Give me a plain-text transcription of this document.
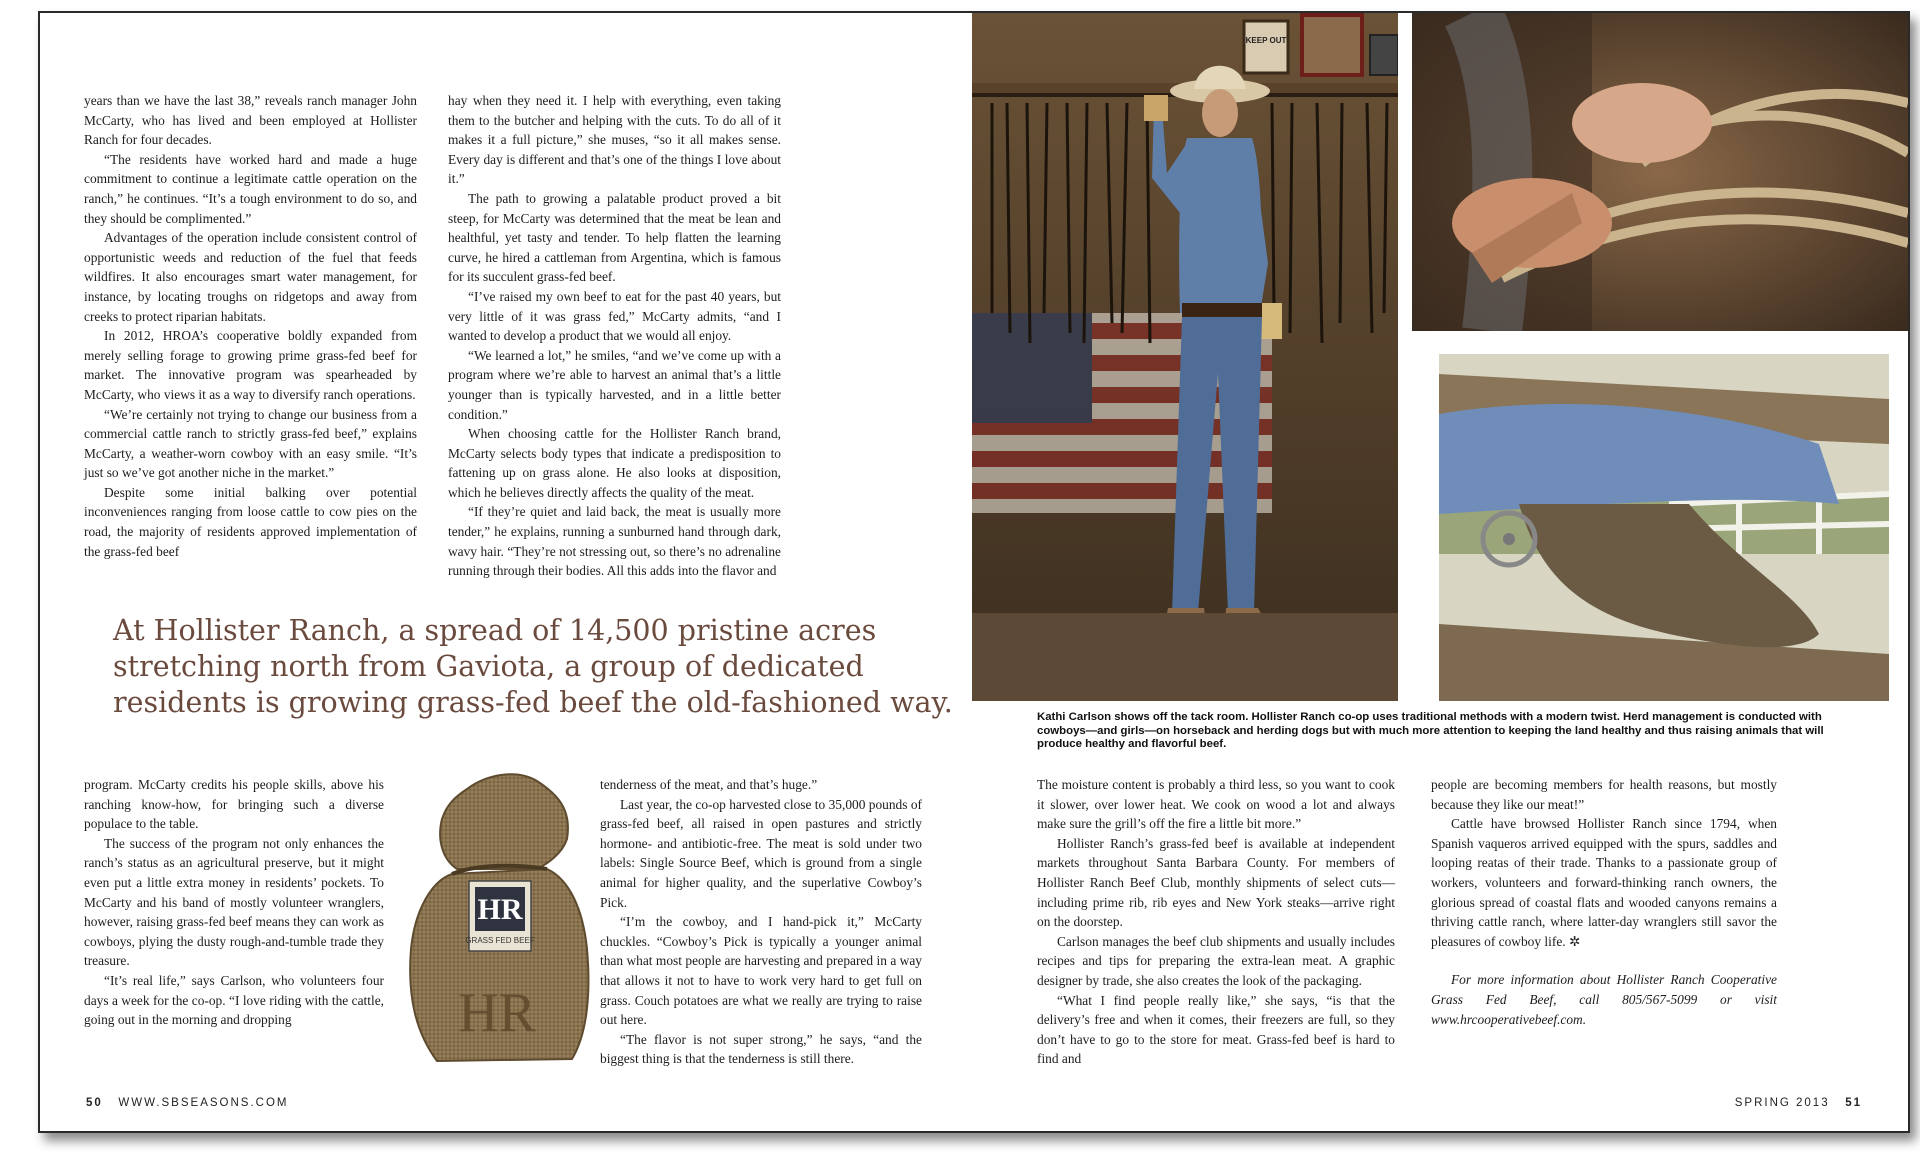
years than we have the last 38,” reveals ranch manager John McCarty, who has lived and been employed at Hollister Ranch for four decades.

“The residents have worked hard and made a huge commitment to continue a legitimate cattle operation on the ranch,” he continues. “It’s a tough environment to do so, and they should be complimented.”

Advantages of the operation include consistent control of opportunistic weeds and reduction of the fuel that feeds wildfires. It also encourages smart water management, for instance, by locating troughs on ridgetops and away from creeks to protect riparian habitats.

In 2012, HROA’s cooperative boldly expanded from merely selling forage to growing prime grass-fed beef for market. The innovative program was spearheaded by McCarty, who views it as a way to diversify ranch operations.

“We’re certainly not trying to change our business from a commercial cattle ranch to strictly grass-fed beef,” explains McCarty, a weather-worn cowboy with an easy smile. “It’s just so we’ve got another niche in the market.”

Despite some initial balking over potential inconveniences ranging from loose cattle to cow pies on the road, the majority of residents approved implementation of the grass-fed beef

hay when they need it. I help with everything, even taking them to the butcher and helping with the cuts. To do all of it makes it a full picture,” she muses, “so it all makes sense. Every day is different and that’s one of the things I love about it.”

The path to growing a palatable product proved a bit steep, for McCarty was determined that the meat be lean and healthful, yet tasty and tender. To help flatten the learning curve, he hired a cattleman from Argentina, which is famous for its succulent grass-fed beef.

“I’ve raised my own beef to eat for the past 40 years, but very little of it was grass fed,” McCarty admits, “and I wanted to develop a product that we would all enjoy.

“We learned a lot,” he smiles, “and we’ve come up with a program where we’re able to harvest an animal that’s a little younger than is typically harvested, and in a little better condition.”

When choosing cattle for the Hollister Ranch brand, McCarty selects body types that indicate a predisposition to fattening up on grass alone. He also looks at disposition, which he believes directly affects the quality of the meat.

“If they’re quiet and laid back, the meat is usually more tender,” he explains, running a sunburned hand through dark, wavy hair. “They’re not stressing out, so there’s no adrenaline running through their bodies. All this adds into the flavor and

At Hollister Ranch, a spread of 14,500 pristine acres stretching north from Gaviota, a group of dedicated residents is growing grass-fed beef the old-fashioned way.

program. McCarty credits his people skills, above his ranching know-how, for bringing such a diverse populace to the table.

The success of the program not only enhances the ranch’s status as an agricultural preserve, but it might even put a little extra money in residents’ pockets. To McCarty and his band of mostly volunteer wranglers, however, raising grass-fed beef means they can work as cowboys, plying the dusty rough-and-tumble trade they treasure.

“It’s real life,” says Carlson, who volunteers four days a week for the co-op. “I love riding with the cattle, going out in the morning and dropping

tenderness of the meat, and that’s huge.”

Last year, the co-op harvested close to 35,000 pounds of grass-fed beef, all raised in open pastures and strictly hormone- and antibiotic-free. The meat is sold under two labels: Single Source Beef, which is ground from a single animal for higher quality, and the superlative Cowboy’s Pick.

“I’m the cowboy, and I hand-pick it,” McCarty chuckles. “Cowboy’s Pick is typically a younger animal than what most people are harvesting and prepared in a way that allows it not to have to work very hard to get full on grass. Couch potatoes are what we really are trying to raise out here.

“The flavor is not super strong,” he says, “and the biggest thing is that the tenderness is still there.

HR
GRASS FED BEEF
HR
50 WWW.SBSEASONS.COM
KEEP OUT
Kathi Carlson shows off the tack room. Hollister Ranch co-op uses traditional methods with a modern twist. Herd management is conducted with cowboys—and girls—on horseback and herding dogs but with much more attention to keeping the land healthy and thus raising animals that will produce healthy and flavorful beef.

The moisture content is probably a third less, so you want to cook it slower, over lower heat. We cook on wood a lot and always make sure the grill’s off the fire a little bit more.”

Hollister Ranch’s grass-fed beef is available at independent markets throughout Santa Barbara County. For members of Hollister Ranch Beef Club, monthly shipments of select cuts—including prime rib, rib eyes and New York steaks—arrive right on the doorstep.

Carlson manages the beef club shipments and usually includes recipes and tips for preparing the extra-lean meat. A graphic designer by trade, she also creates the look of the packaging.

“What I find people really like,” she says, “is that the delivery’s free and when it comes, their freezers are full, so they don’t have to go to the store for meat. Grass-fed beef is hard to find and

people are becoming members for health reasons, but mostly because they like our meat!”

Cattle have browsed Hollister Ranch since 1794, when Spanish vaqueros arrived equipped with the spurs, saddles and looping reatas of their trade. Thanks to a passionate group of workers, volunteers and forward-thinking ranch owners, the glorious spread of coastal flats and wooded canyons remains a thriving cattle ranch, where latter-day wranglers still savor the pleasures of cowboy life. ✲

For more information about Hollister Ranch Cooperative Grass Fed Beef, call 805/567-5099 or visit www.hrcooperativebeef.com.

SPRING 2013 51
